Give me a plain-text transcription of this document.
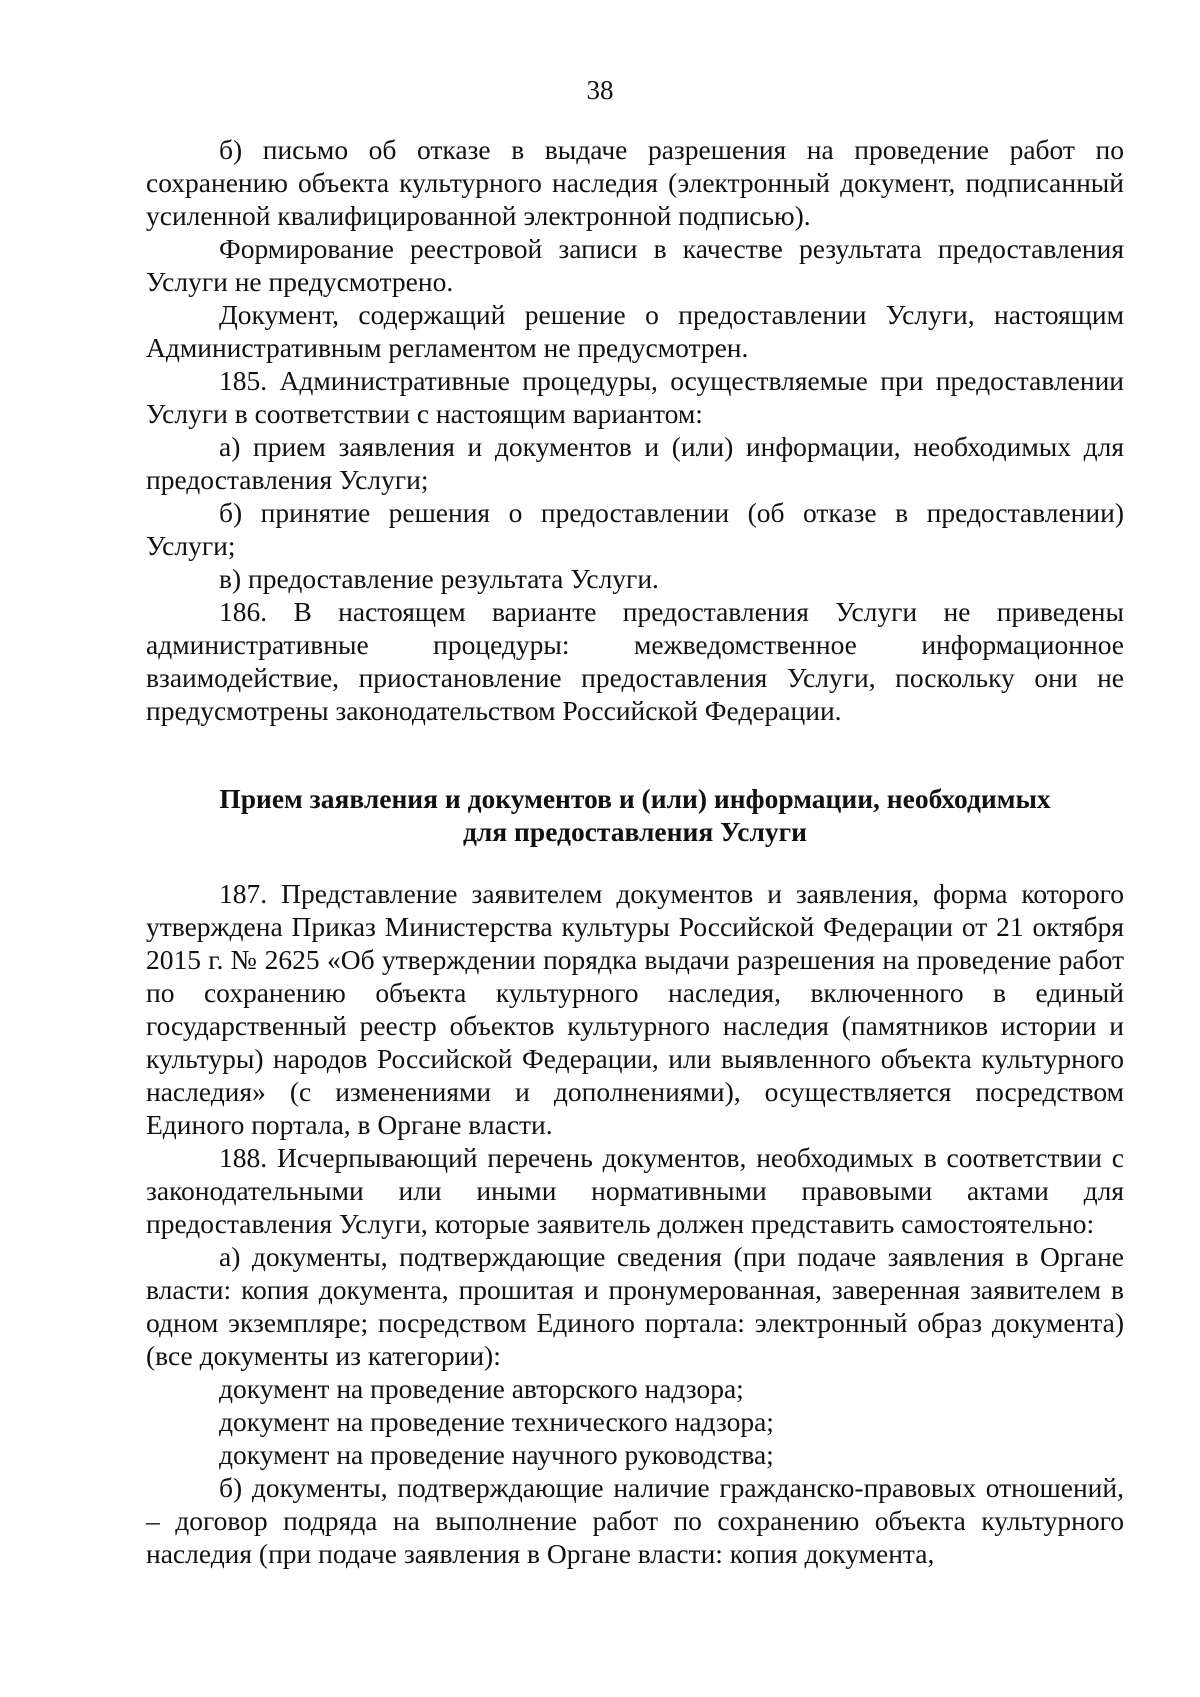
38

б) письмо об отказе в выдаче разрешения на проведение работ по сохранению объекта культурного наследия (электронный документ, подписанный усиленной квалифицированной электронной подписью).

Формирование реестровой записи в качестве результата предоставления Услуги не предусмотрено.

Документ, содержащий решение о предоставлении Услуги, настоящим Административным регламентом не предусмотрен.

185. Административные процедуры, осуществляемые при предоставлении Услуги в соответствии с настоящим вариантом:

а) прием заявления и документов и (или) информации, необходимых для предоставления Услуги;

б) принятие решения о предоставлении (об отказе в предоставлении) Услуги;

в) предоставление результата Услуги.

186. В настоящем варианте предоставления Услуги не приведены административные процедуры: межведомственное информационное взаимодействие, приостановление предоставления Услуги, поскольку они не предусмотрены законодательством Российской Федерации.

Прием заявления и документов и (или) информации, необходимых
для предоставления Услуги

187. Представление заявителем документов и заявления, форма которого утверждена Приказ Министерства культуры Российской Федерации от 21 октября 2015 г. № 2625 «Об утверждении порядка выдачи разрешения на проведение работ по сохранению объекта культурного наследия, включенного в единый государственный реестр объектов культурного наследия (памятников истории и культуры) народов Российской Федерации, или выявленного объекта культурного наследия» (с изменениями и дополнениями), осуществляется посредством Единого портала, в Органе власти.

188. Исчерпывающий перечень документов, необходимых в соответствии с законодательными или иными нормативными правовыми актами для предоставления Услуги, которые заявитель должен представить самостоятельно:

а) документы, подтверждающие сведения (при подаче заявления в Органе власти: копия документа, прошитая и пронумерованная, заверенная заявителем в одном экземпляре; посредством Единого портала: электронный образ документа) (все документы из категории):

документ на проведение авторского надзора;

документ на проведение технического надзора;

документ на проведение научного руководства;

б) документы, подтверждающие наличие гражданско-правовых отношений, – договор подряда на выполнение работ по сохранению объекта культурного наследия (при подаче заявления в Органе власти: копия документа,
